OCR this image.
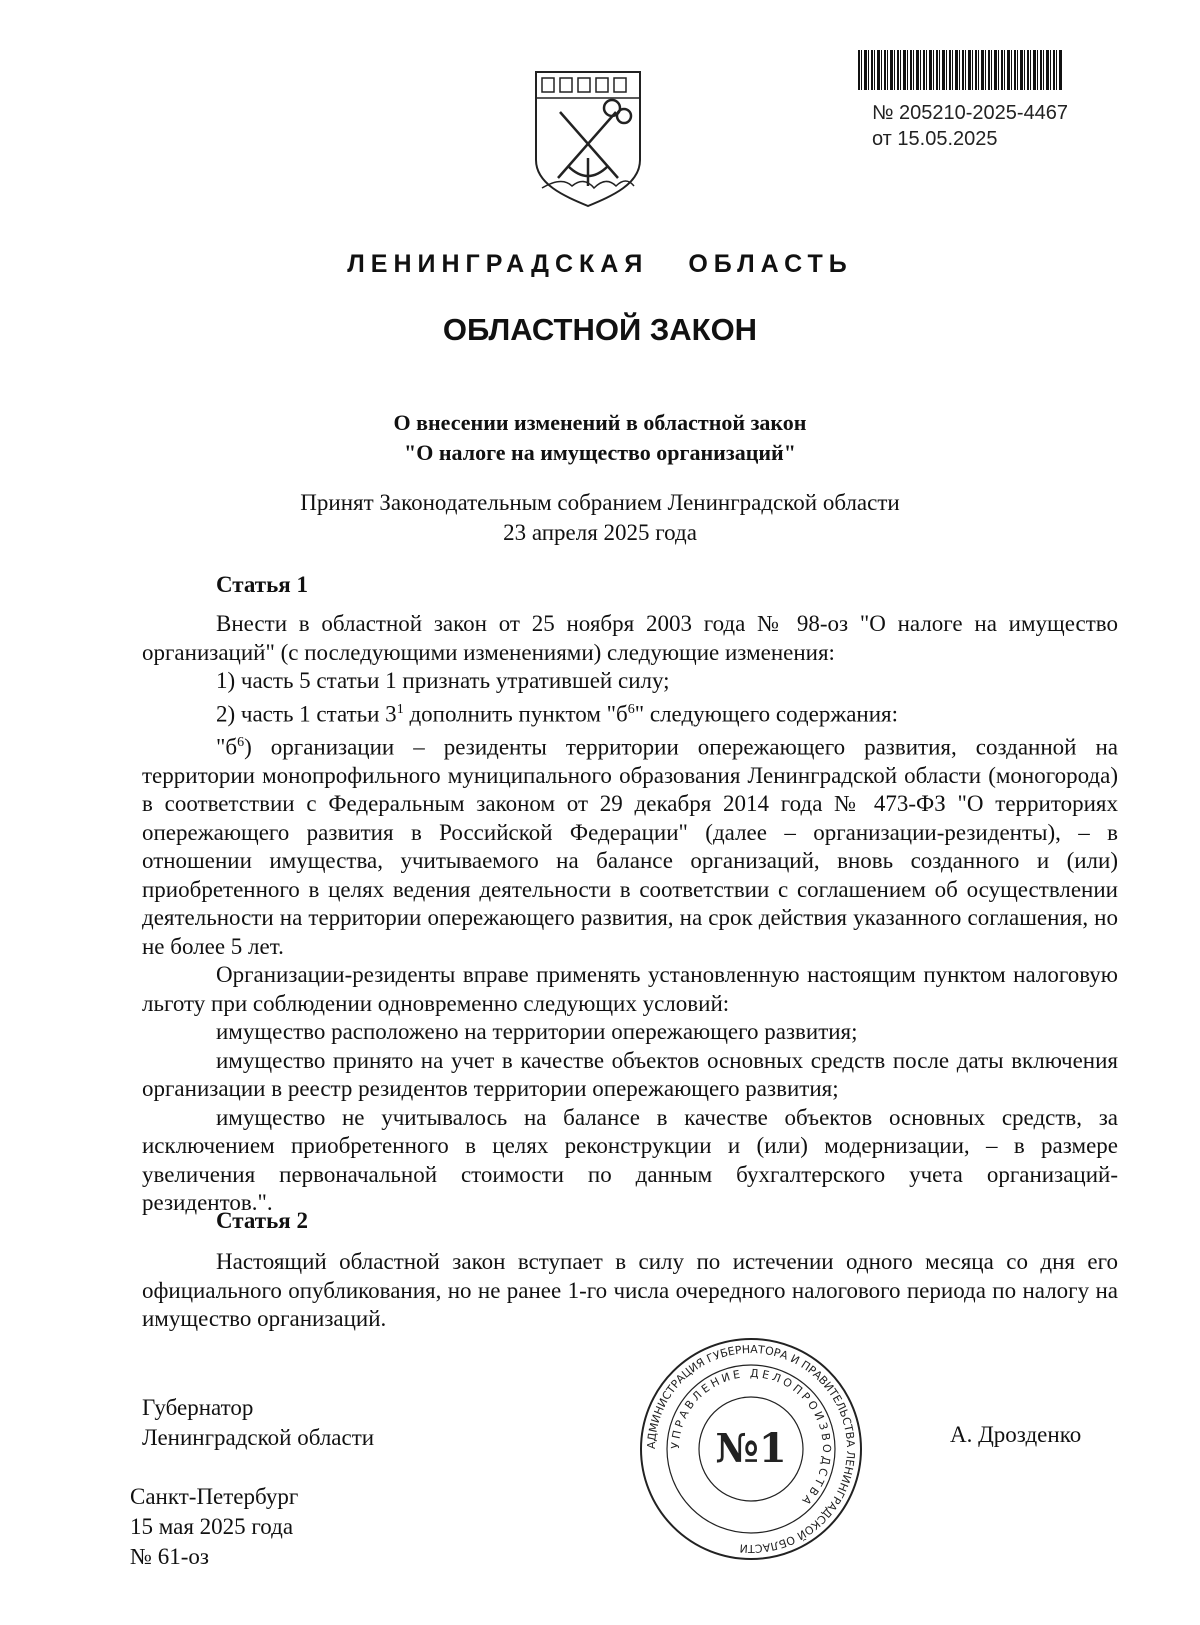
№ 205210-2025-4467
от 15.05.2025
ЛЕНИНГРАДСКАЯ ОБЛАСТЬ
ОБЛАСТНОЙ ЗАКОН
О внесении изменений в областной закон
"О налоге на имущество организаций"
Принят Законодательным собранием Ленинградской области
23 апреля 2025 года
Статья 1

Внести в областной закон от 25 ноября 2003 года № 98-оз "О налоге на имущество организаций" (с последующими изменениями) следующие изменения:

1) часть 5 статьи 1 признать утратившей силу;

2) часть 1 статьи $3^1$ дополнить пунктом "$б^6$" следующего содержания:

"$б^6$) организации – резиденты территории опережающего развития, созданной на территории монопрофильного муниципального образования Ленинградской области (моногорода) в соответствии с Федеральным законом от 29 декабря 2014 года № 473-ФЗ "О территориях опережающего развития в Российской Федерации" (далее – организации-резиденты), – в отношении имущества, учитываемого на балансе организаций, вновь созданного и (или) приобретенного в целях ведения деятельности в соответствии с соглашением об осуществлении деятельности на территории опережающего развития, на срок действия указанного соглашения, но не более 5 лет.

Организации-резиденты вправе применять установленную настоящим пунктом налоговую льготу при соблюдении одновременно следующих условий:

имущество расположено на территории опережающего развития;

имущество принято на учет в качестве объектов основных средств после даты включения организации в реестр резидентов территории опережающего развития;

имущество не учитывалось на балансе в качестве объектов основных средств, за исключением приобретенного в целях реконструкции и (или) модернизации, – в размере увеличения первоначальной стоимости по данным бухгалтерского учета организаций-резидентов.".

Статья 2

Настоящий областной закон вступает в силу по истечении одного месяца со дня его официального опубликования, но не ранее 1-го числа очередного налогового периода по налогу на имущество организаций.

Губернатор
Ленинградской области	А. Дрозденко
АДМИНИСТРАЦИЯ ГУБЕРНАТОРА И ПРАВИТЕЛЬСТВА ЛЕНИНГРАДСКОЙ ОБЛАСТИ
УПРАВЛЕНИЕ ДЕЛОПРОИЗВОДСТВА
№1
Санкт-Петербург
15 мая 2025 года
№ 61-оз
